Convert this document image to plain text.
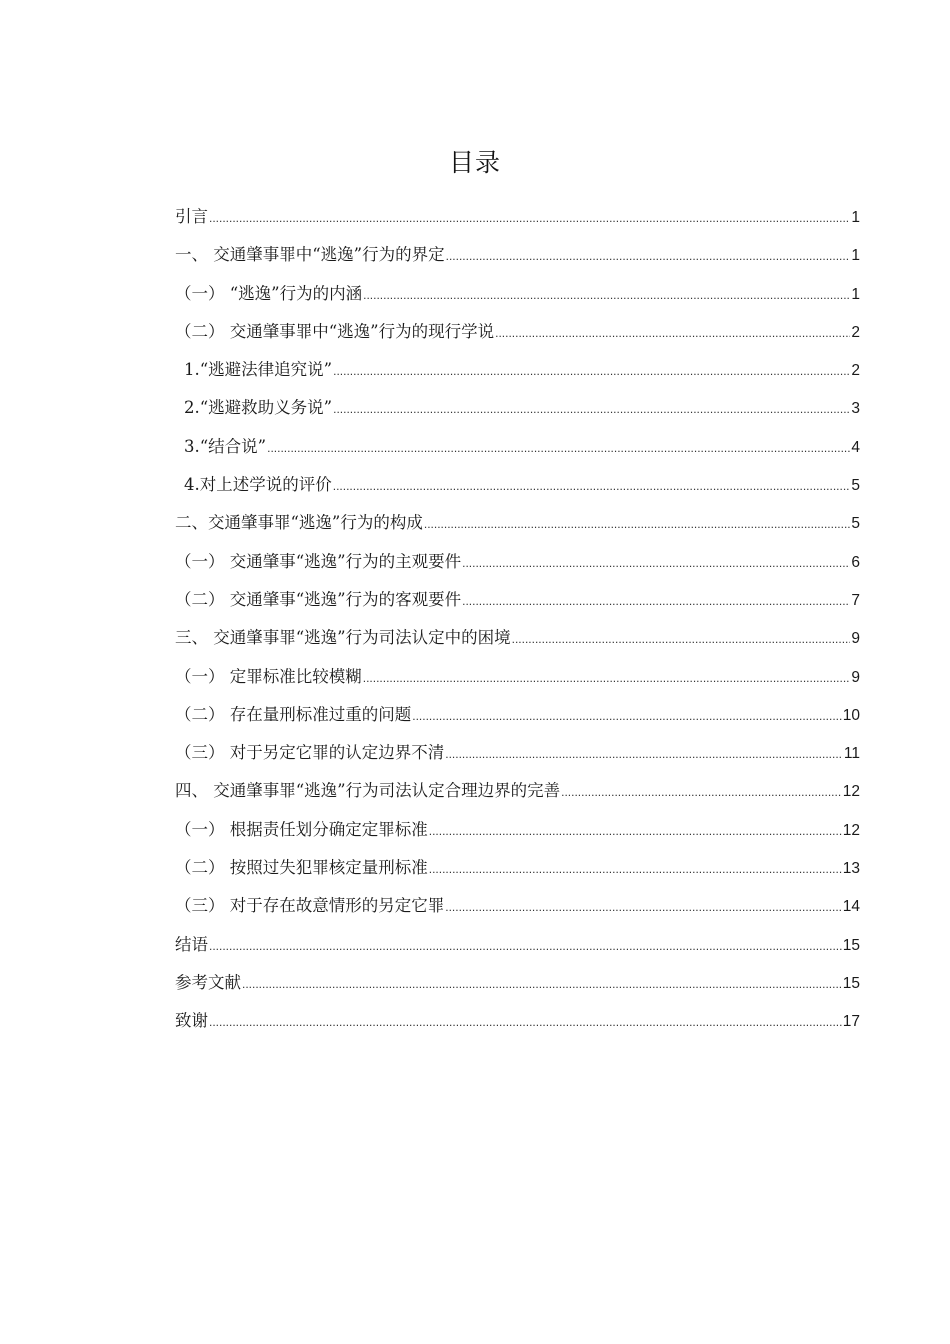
目录
引言 .....	1
一、 交通肇事罪中“逃逸”行为的界定 .....	1
（一） “逃逸”行为的内涵 .....	1
（二） 交通肇事罪中“逃逸”行为的现行学说 .....	2
1.“逃避法律追究说” .....	2
2.“逃避救助义务说” .....	3
3.“结合说” .....	4
4.对上述学说的评价 .....	5
二、交通肇事罪“逃逸”行为的构成 .....	5
（一） 交通肇事“逃逸”行为的主观要件 .....	6
（二） 交通肇事“逃逸”行为的客观要件 .....	7
三、 交通肇事罪“逃逸”行为司法认定中的困境 .....	9
（一） 定罪标准比较模糊 .....	9
（二） 存在量刑标准过重的问题 .....	10
（三） 对于另定它罪的认定边界不清 .....	11
四、 交通肇事罪“逃逸”行为司法认定合理边界的完善 .....	12
（一） 根据责任划分确定定罪标准 .....	12
（二） 按照过失犯罪核定量刑标准 .....	13
（三） 对于存在故意情形的另定它罪 .....	14
结语 .....	15
参考文献 .....	15
致谢 .....	17
